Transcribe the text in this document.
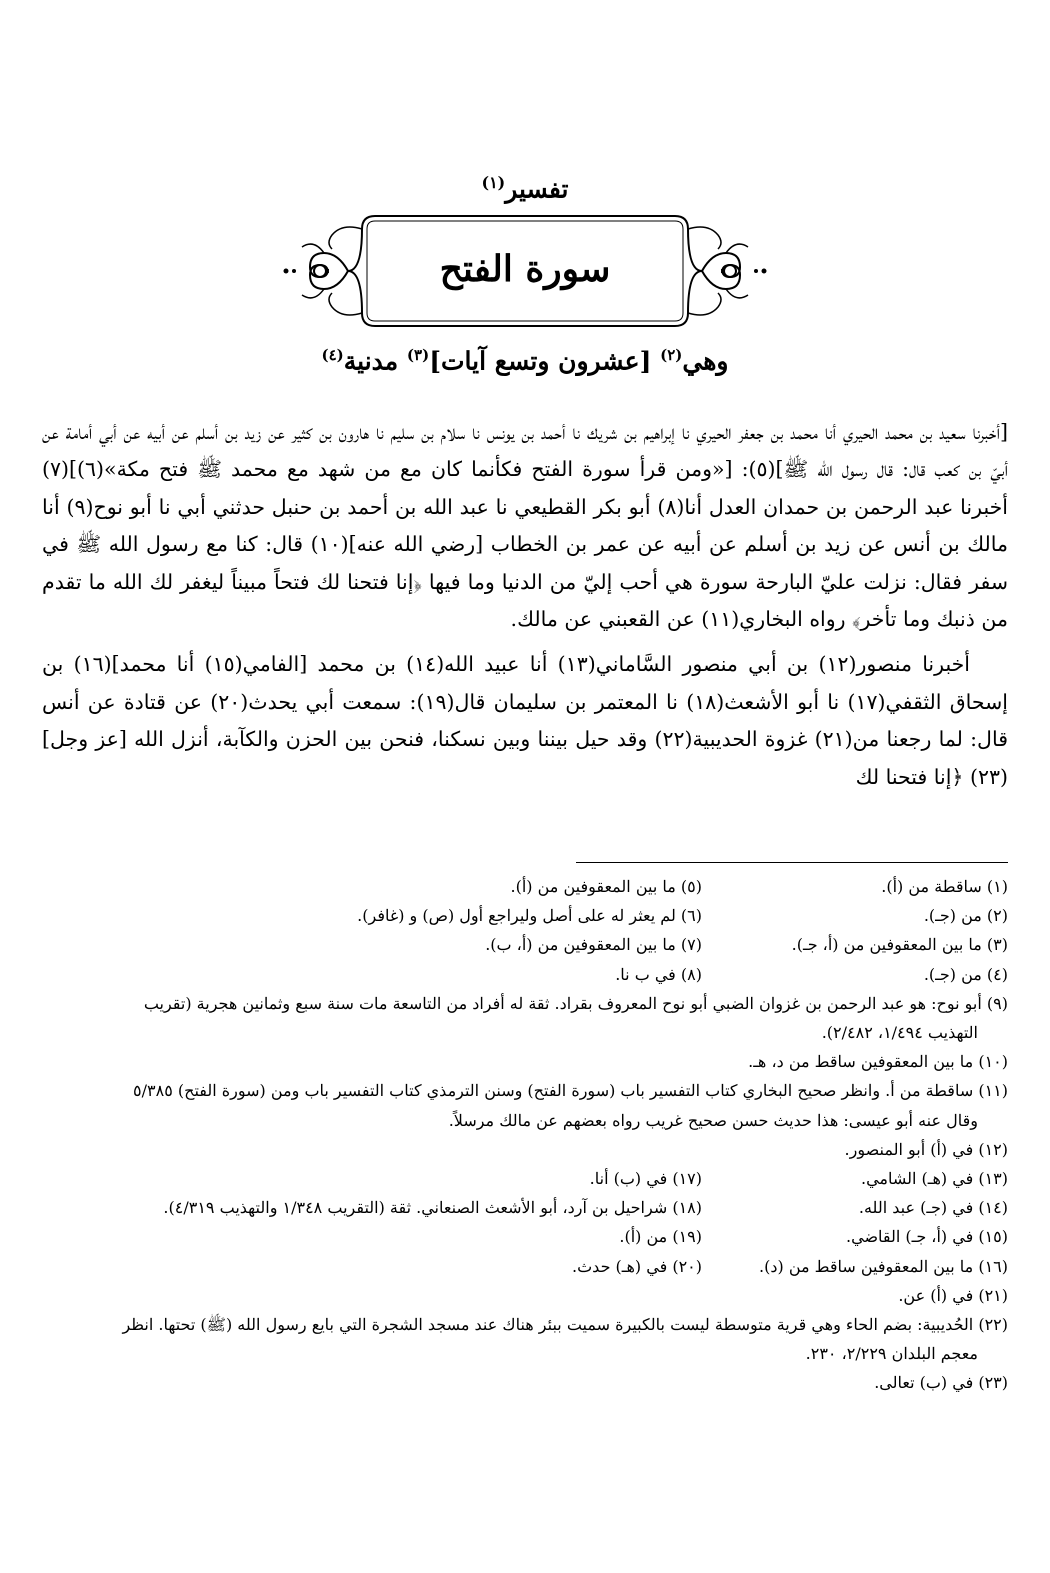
تفسير$^{(١)}$
سورة الفتح
وهي$^{(٢)}$ [عشرون وتسع آيات]$^{(٣)}$ مدنية$^{(٤)}$

[أخبرنا سعيد بن محمد الحيري أنا محمد بن جعفر الحيري نا إبراهيم بن شريك نا أحمد بن يونس نا سلام بن سليم نا هارون بن كثير عن زيد بن أسلم عن أبيه عن أبي أمامة عن أبيّ بن كعب قال: قال رسول الله ﷺ](٥): [«ومن قرأ سورة الفتح فكأنما كان مع من شهد مع محمد ﷺ فتح مكة»(٦)](٧) أخبرنا عبد الرحمن بن حمدان العدل أنا(٨) أبو بكر القطيعي نا عبد الله بن أحمد بن حنبل حدثني أبي نا أبو نوح(٩) أنا مالك بن أنس عن زيد بن أسلم عن أبيه عن عمر بن الخطاب [رضي الله عنه](١٠) قال: كنا مع رسول الله ﷺ في سفر فقال: نزلت عليّ البارحة سورة هي أحب إليّ من الدنيا وما فيها ﴿إنا فتحنا لك فتحاً مبيناً ليغفر لك الله ما تقدم من ذنبك وما تأخر﴾ رواه البخاري(١١) عن القعبني عن مالك.

أخبرنا منصور(١٢) بن أبي منصور السَّاماني(١٣) أنا عبيد الله(١٤) بن محمد [الفامي(١٥) أنا محمد](١٦) بن إسحاق الثقفي(١٧) نا أبو الأشعث(١٨) نا المعتمر بن سليمان قال(١٩): سمعت أبي يحدث(٢٠) عن قتادة عن أنس قال: لما رجعنا من(٢١) غزوة الحديبية(٢٢) وقد حيل بيننا وبين نسكنا، فنحن بين الحزن والكآبة، أنزل الله [عز وجل](٢٣) ﴿إنا فتحنا لك

(١) ساقطة من (أ).
(٥) ما بين المعقوفين من (أ).
(٢) من (جـ).
(٦) لم يعثر له على أصل وليراجع أول (ص) و (غافر).
(٣) ما بين المعقوفين من (أ، جـ).
(٧) ما بين المعقوفين من (أ، ب).
(٤) من (جـ).
(٨) في ب نا.
(٩) أبو نوح: هو عبد الرحمن بن غزوان الضبي أبو نوح المعروف بقراد. ثقة له أفراد من التاسعة مات سنة سبع وثمانين هجرية (تقريب
التهذيب ١/٤٩٤، ٢/٤٨٢).
(١٠) ما بين المعقوفين ساقط من د، هـ.
(١١) ساقطة من أ. وانظر صحيح البخاري كتاب التفسير باب (سورة الفتح) وسنن الترمذي كتاب التفسير باب ومن (سورة الفتح) ٥/٣٨٥
وقال عنه أبو عيسى: هذا حديث حسن صحيح غريب رواه بعضهم عن مالك مرسلاً.
(١٢) في (أ) أبو المنصور.
(١٣) في (هـ) الشامي.
(١٧) في (ب) أنا.
(١٤) في (جـ) عبد الله.
(١٨) شراحيل بن آرد، أبو الأشعث الصنعاني. ثقة (التقريب ١/٣٤٨ والتهذيب ٤/٣١٩).
(١٥) في (أ، جـ) القاضي.
(١٩) من (أ).
(١٦) ما بين المعقوفين ساقط من (د).
(٢٠) في (هـ) حدث.
(٢١) في (أ) عن.
(٢٢) الحُديبية: بضم الحاء وهي قرية متوسطة ليست بالكبيرة سميت ببئر هناك عند مسجد الشجرة التي بايع رسول الله (ﷺ) تحتها. انظر
معجم البلدان ٢/٢٢٩، ٢٣٠.
(٢٣) في (ب) تعالى.
